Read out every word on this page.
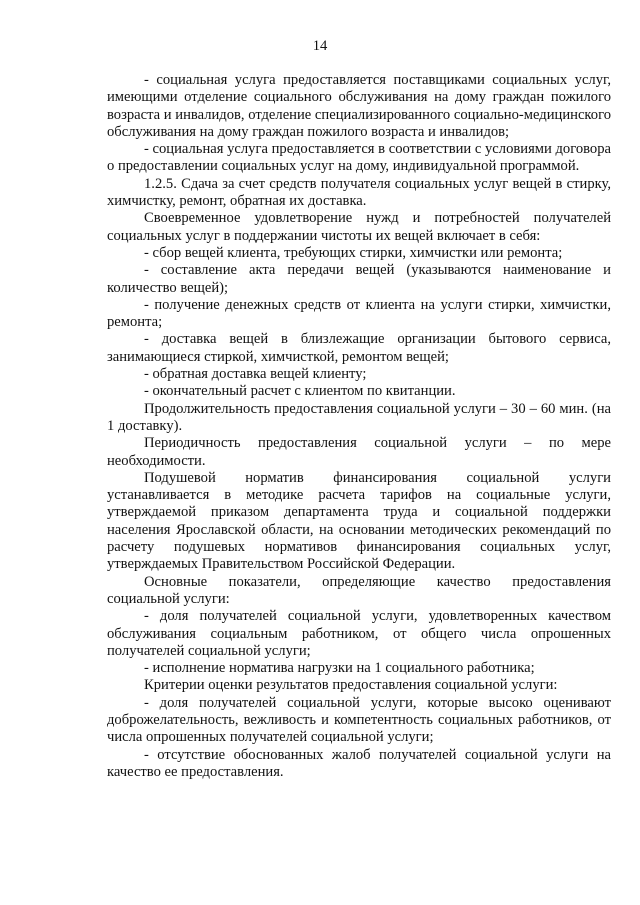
14

- социальная услуга предоставляется поставщиками социальных услуг, имеющими отделение социального обслуживания на дому граждан пожилого возраста и инвалидов, отделение специализированного социально-медицинского обслуживания на дому граждан пожилого возраста и инвалидов;

- социальная услуга предоставляется в соответствии с условиями договора о предоставлении социальных услуг на дому, индивидуальной программой.

1.2.5. Сдача за счет средств получателя социальных услуг вещей в стирку, химчистку, ремонт, обратная их доставка.

Своевременное удовлетворение нужд и потребностей получателей социальных услуг в поддержании чистоты их вещей включает в себя:

- сбор вещей клиента, требующих стирки, химчистки или ремонта;

- составление акта передачи вещей (указываются наименование и количество вещей);

- получение денежных средств от клиента на услуги стирки, химчистки, ремонта;

- доставка вещей в близлежащие организации бытового сервиса, занимающиеся стиркой, химчисткой, ремонтом вещей;

- обратная доставка вещей клиенту;

- окончательный расчет с клиентом по квитанции.

Продолжительность предоставления социальной услуги – 30 – 60 мин. (на 1 доставку).

Периодичность предоставления социальной услуги – по мере необходимости.

Подушевой норматив финансирования социальной услуги устанавливается в методике расчета тарифов на социальные услуги, утверждаемой приказом департамента труда и социальной поддержки населения Ярославской области, на основании методических рекомендаций по расчету подушевых нормативов финансирования социальных услуг, утверждаемых Правительством Российской Федерации.

Основные показатели, определяющие качество предоставления социальной услуги:

- доля получателей социальной услуги, удовлетворенных качеством обслуживания социальным работником, от общего числа опрошенных получателей социальной услуги;

- исполнение норматива нагрузки на 1 социального работника;

Критерии оценки результатов предоставления социальной услуги:

- доля получателей социальной услуги, которые высоко оценивают доброжелательность, вежливость и компетентность социальных работников, от числа опрошенных получателей социальной услуги;

- отсутствие обоснованных жалоб получателей социальной услуги на качество ее предоставления.
